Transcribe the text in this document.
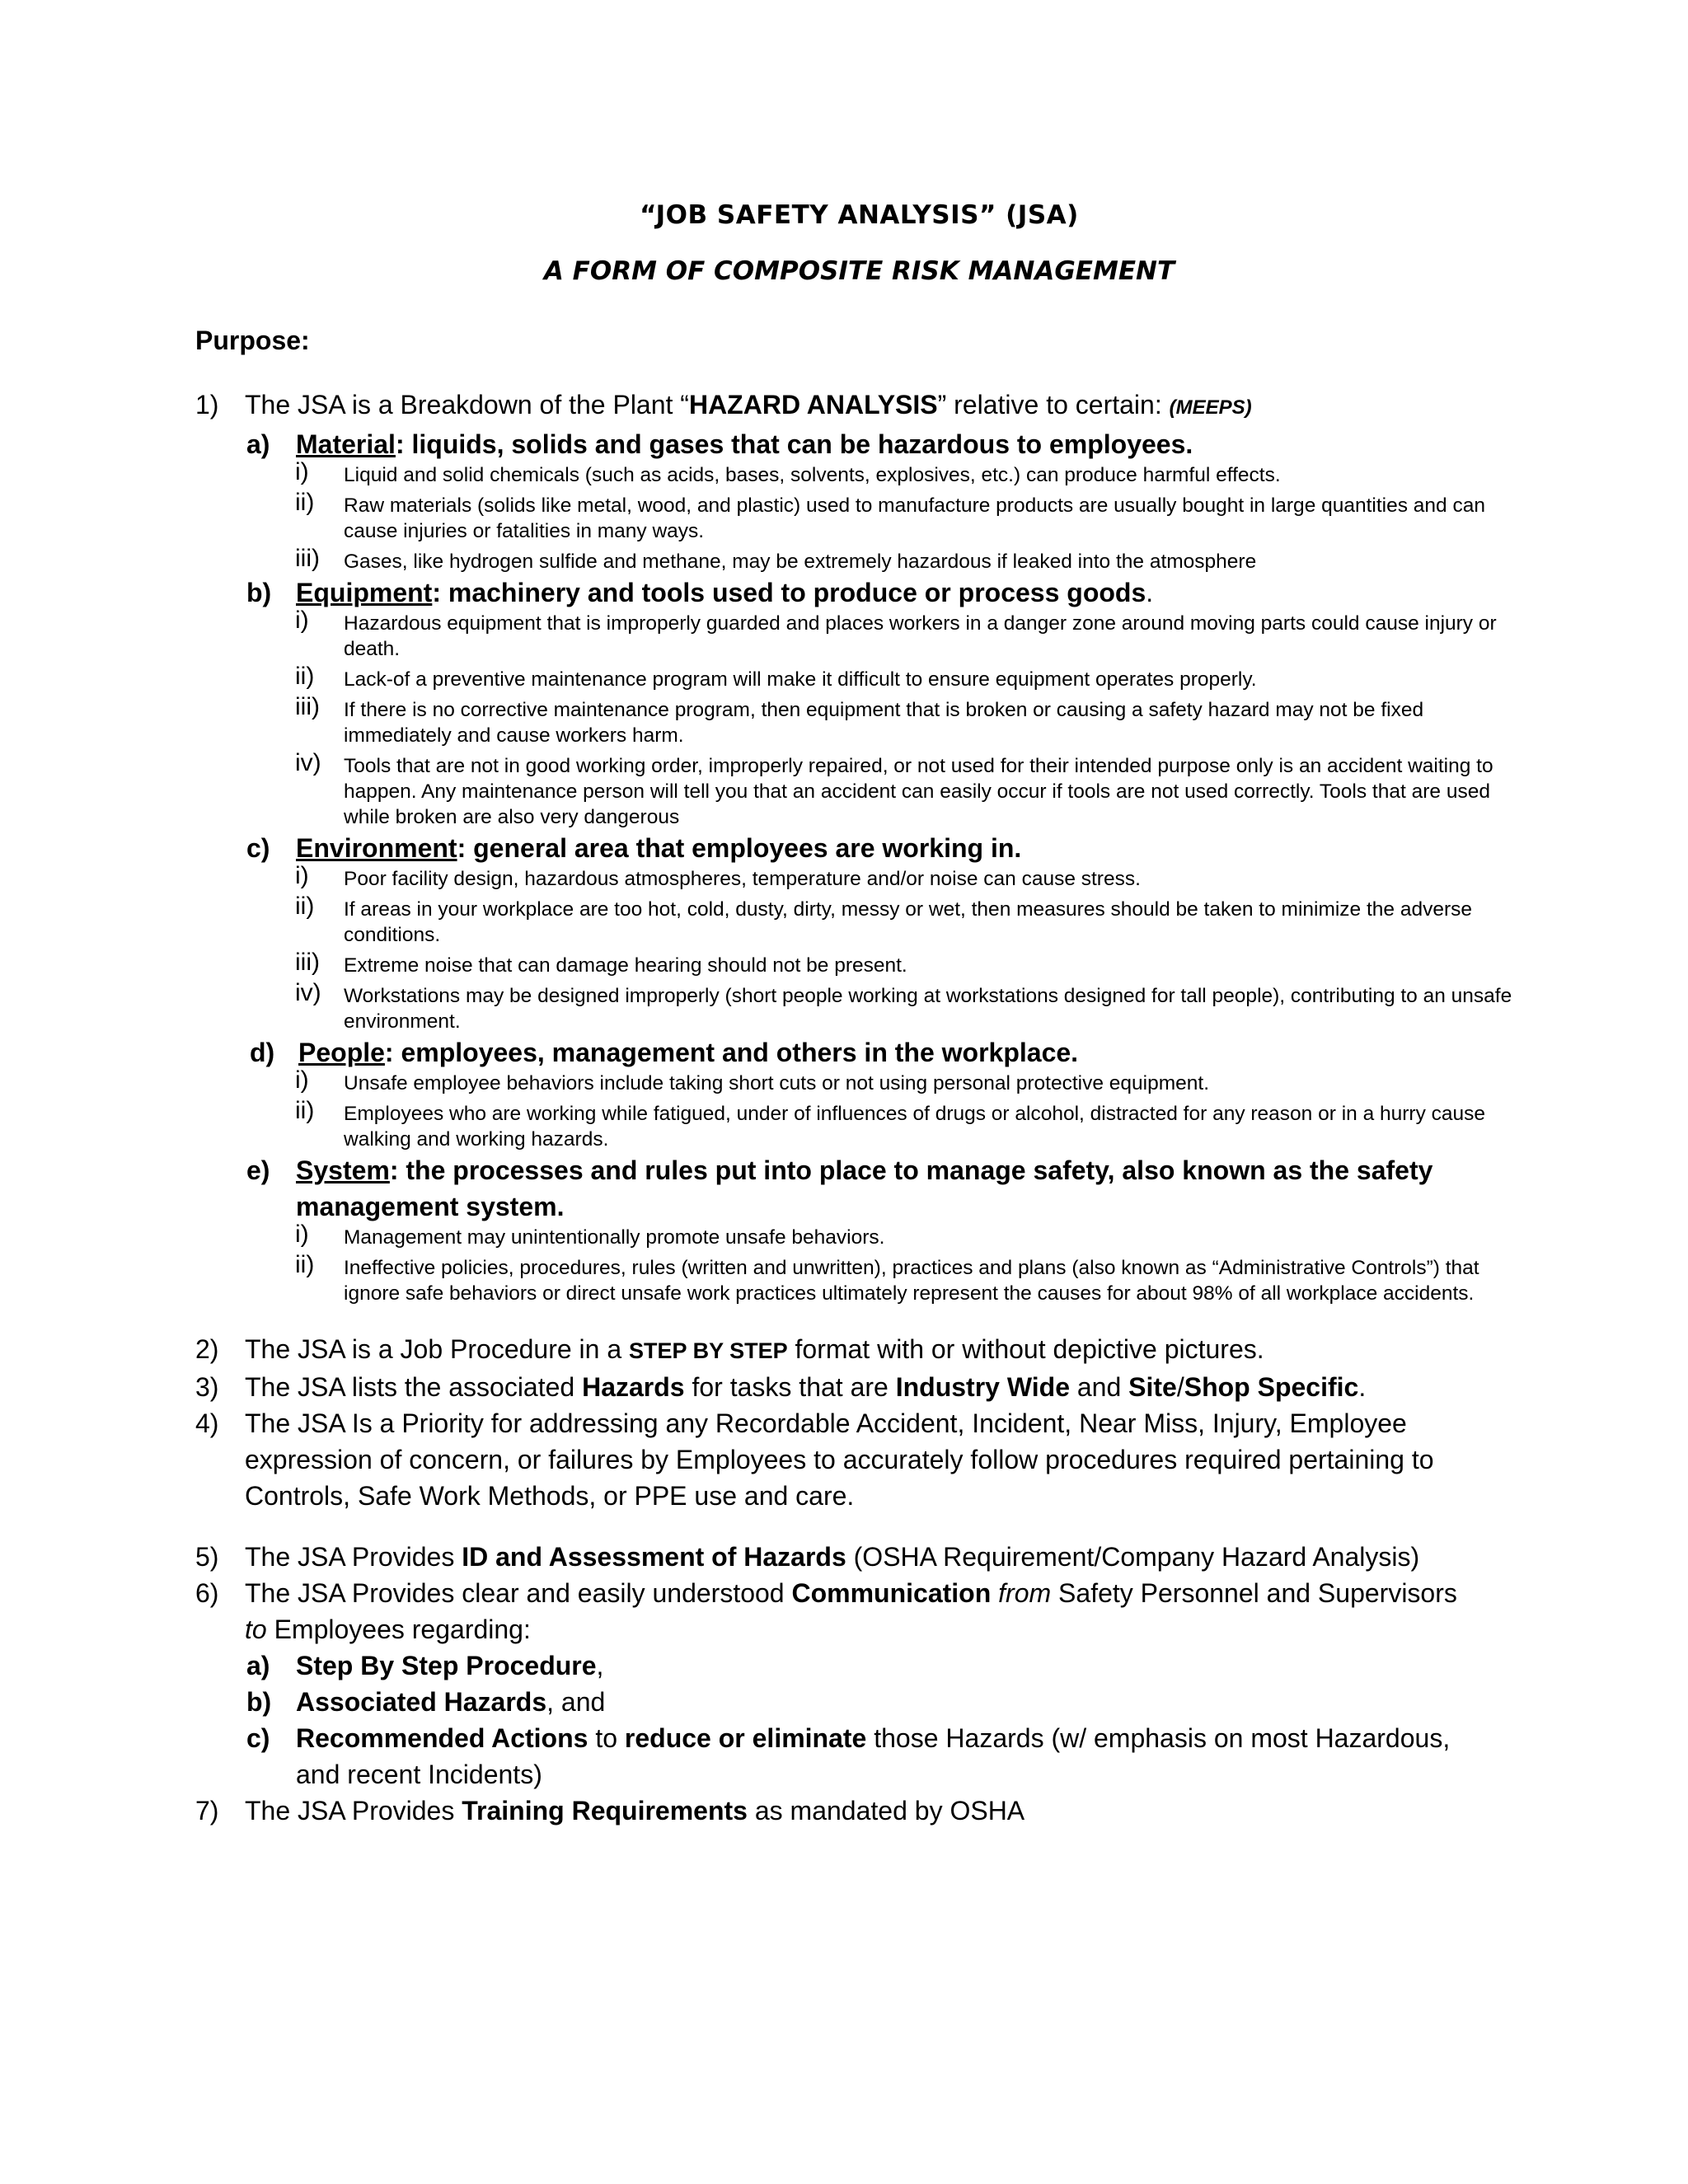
“JOB SAFETY ANALYSIS” (JSA)
A FORM OF COMPOSITE RISK MANAGEMENT
Purpose:
1) The JSA is a Breakdown of the Plant “HAZARD ANALYSIS” relative to certain: (MEEPS)
a) Material: liquids, solids and gases that can be hazardous to employees.
i) Liquid and solid chemicals (such as acids, bases, solvents, explosives, etc.) can produce harmful effects.
ii) Raw materials (solids like metal, wood, and plastic) used to manufacture products are usually bought in large quantities and can cause injuries or fatalities in many ways.
iii) Gases, like hydrogen sulfide and methane, may be extremely hazardous if leaked into the atmosphere
b) Equipment: machinery and tools used to produce or process goods.
i) Hazardous equipment that is improperly guarded and places workers in a danger zone around moving parts could cause injury or death.
ii) Lack-of a preventive maintenance program will make it difficult to ensure equipment operates properly.
iii) If there is no corrective maintenance program, then equipment that is broken or causing a safety hazard may not be fixed immediately and cause workers harm.
iv) Tools that are not in good working order, improperly repaired, or not used for their intended purpose only is an accident waiting to happen. Any maintenance person will tell you that an accident can easily occur if tools are not used correctly. Tools that are used while broken are also very dangerous
c) Environment: general area that employees are working in.
i) Poor facility design, hazardous atmospheres, temperature and/or noise can cause stress.
ii) If areas in your workplace are too hot, cold, dusty, dirty, messy or wet, then measures should be taken to minimize the adverse conditions.
iii) Extreme noise that can damage hearing should not be present.
iv) Workstations may be designed improperly (short people working at workstations designed for tall people), contributing to an unsafe environment.
d) People: employees, management and others in the workplace.
i) Unsafe employee behaviors include taking short cuts or not using personal protective equipment.
ii) Employees who are working while fatigued, under of influences of drugs or alcohol, distracted for any reason or in a hurry cause walking and working hazards.
e) System: the processes and rules put into place to manage safety, also known as the safety management system.
i) Management may unintentionally promote unsafe behaviors.
ii) Ineffective policies, procedures, rules (written and unwritten), practices and plans (also known as “Administrative Controls”) that ignore safe behaviors or direct unsafe work practices ultimately represent the causes for about 98% of all workplace accidents.
2) The JSA is a Job Procedure in a STEP BY STEP format with or without depictive pictures.
3) The JSA lists the associated Hazards for tasks that are Industry Wide and Site/Shop Specific.
4) The JSA Is a Priority for addressing any Recordable Accident, Incident, Near Miss, Injury, Employee expression of concern, or failures by Employees to accurately follow procedures required pertaining to Controls, Safe Work Methods, or PPE use and care.
5) The JSA Provides ID and Assessment of Hazards (OSHA Requirement/Company Hazard Analysis)
6) The JSA Provides clear and easily understood Communication from Safety Personnel and Supervisors to Employees regarding:
a) Step By Step Procedure,
b) Associated Hazards, and
c) Recommended Actions to reduce or eliminate those Hazards (w/ emphasis on most Hazardous, and recent Incidents)
7) The JSA Provides Training Requirements as mandated by OSHA
